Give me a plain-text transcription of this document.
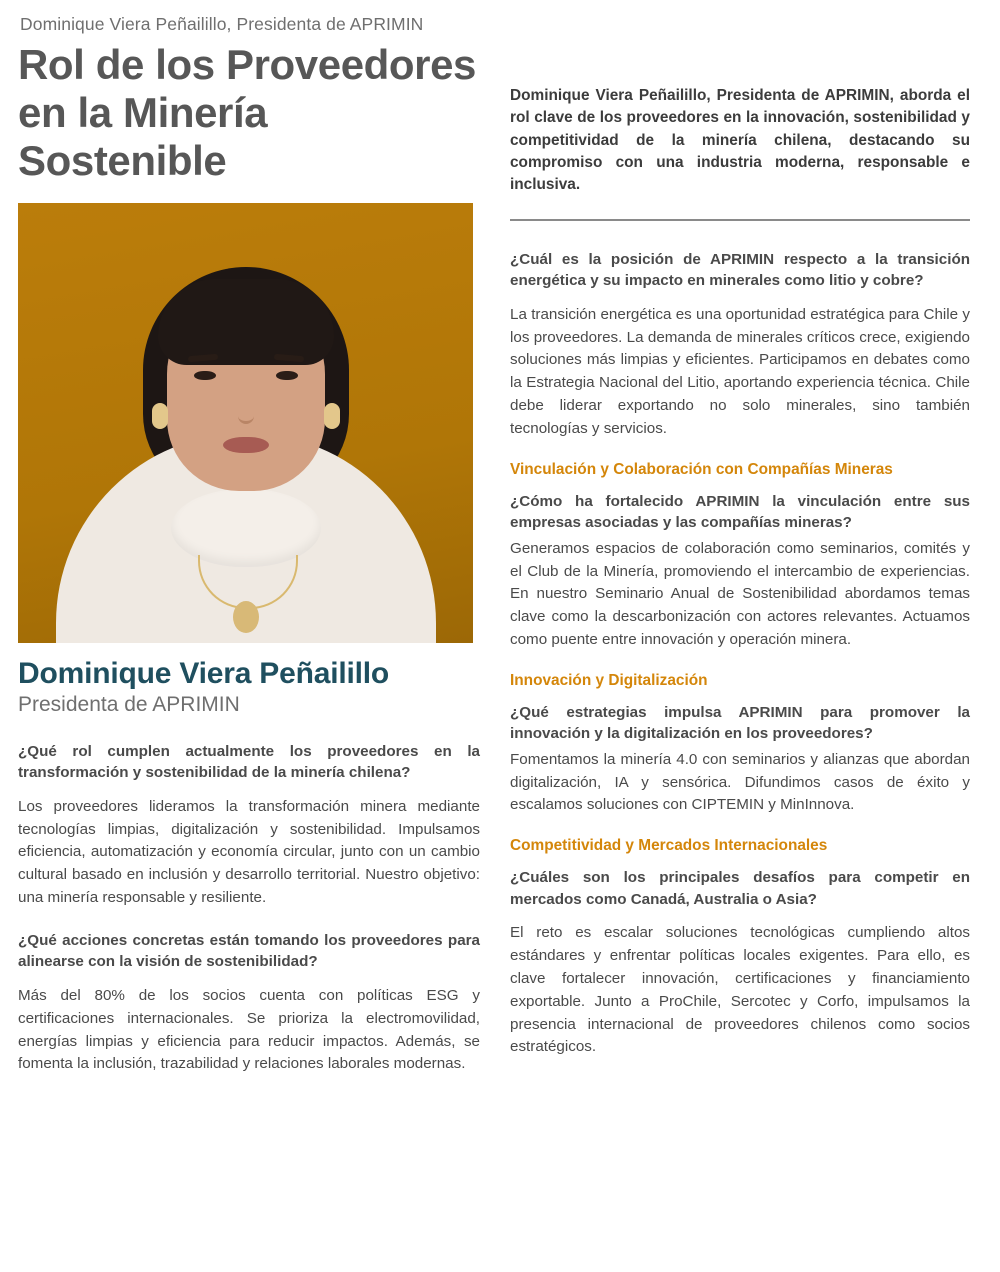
Dominique Viera Peñailillo, Presidenta de APRIMIN
Rol de los Proveedores en la Minería Sostenible
Dominique Viera Peñailillo
Presidenta de APRIMIN
¿Qué rol cumplen actualmente los proveedores en la transformación y sostenibilidad de la minería chilena?
Los proveedores lideramos la transformación minera mediante tecnologías limpias, digitalización y sostenibilidad. Impulsamos eficiencia, automatización y economía circular, junto con un cambio cultural basado en inclusión y desarrollo territorial. Nuestro objetivo: una minería responsable y resiliente.
¿Qué acciones concretas están tomando los proveedores para alinearse con la visión de sostenibilidad?
Más del 80% de los socios cuenta con políticas ESG y certificaciones internacionales. Se prioriza la electromovilidad, energías limpias y eficiencia para reducir impactos. Además, se fomenta la inclusión, trazabilidad y relaciones laborales modernas.
Dominique Viera Peñailillo, Presidenta de APRIMIN, aborda el rol clave de los proveedores en la innovación, sostenibilidad y competitividad de la minería chilena, destacando su compromiso con una industria moderna, responsable e inclusiva.
¿Cuál es la posición de APRIMIN respecto a la transición energética y su impacto en minerales como litio y cobre?
La transición energética es una oportunidad estratégica para Chile y los proveedores. La demanda de minerales críticos crece, exigiendo soluciones más limpias y eficientes. Participamos en debates como la Estrategia Nacional del Litio, aportando experiencia técnica. Chile debe liderar exportando no solo minerales, sino también tecnologías y servicios.
Vinculación y Colaboración con Compañías Mineras
¿Cómo ha fortalecido APRIMIN la vinculación entre sus empresas asociadas y las compañías mineras?
Generamos espacios de colaboración como seminarios, comités y el Club de la Minería, promoviendo el intercambio de experiencias. En nuestro Seminario Anual de Sostenibilidad abordamos temas clave como la descarbonización con actores relevantes. Actuamos como puente entre innovación y operación minera.
Innovación y Digitalización
¿Qué estrategias impulsa APRIMIN para promover la innovación y la digitalización en los proveedores?
Fomentamos la minería 4.0 con seminarios y alianzas que abordan digitalización, IA y sensórica. Difundimos casos de éxito y escalamos soluciones con CIPTEMIN y MinInnova.
Competitividad y Mercados Internacionales
¿Cuáles son los principales desafíos para competir en mercados como Canadá, Australia o Asia?
El reto es escalar soluciones tecnológicas cumpliendo altos estándares y enfrentar políticas locales exigentes. Para ello, es clave fortalecer innovación, certificaciones y financiamiento exportable. Junto a ProChile, Sercotec y Corfo, impulsamos la presencia internacional de proveedores chilenos como socios estratégicos.
